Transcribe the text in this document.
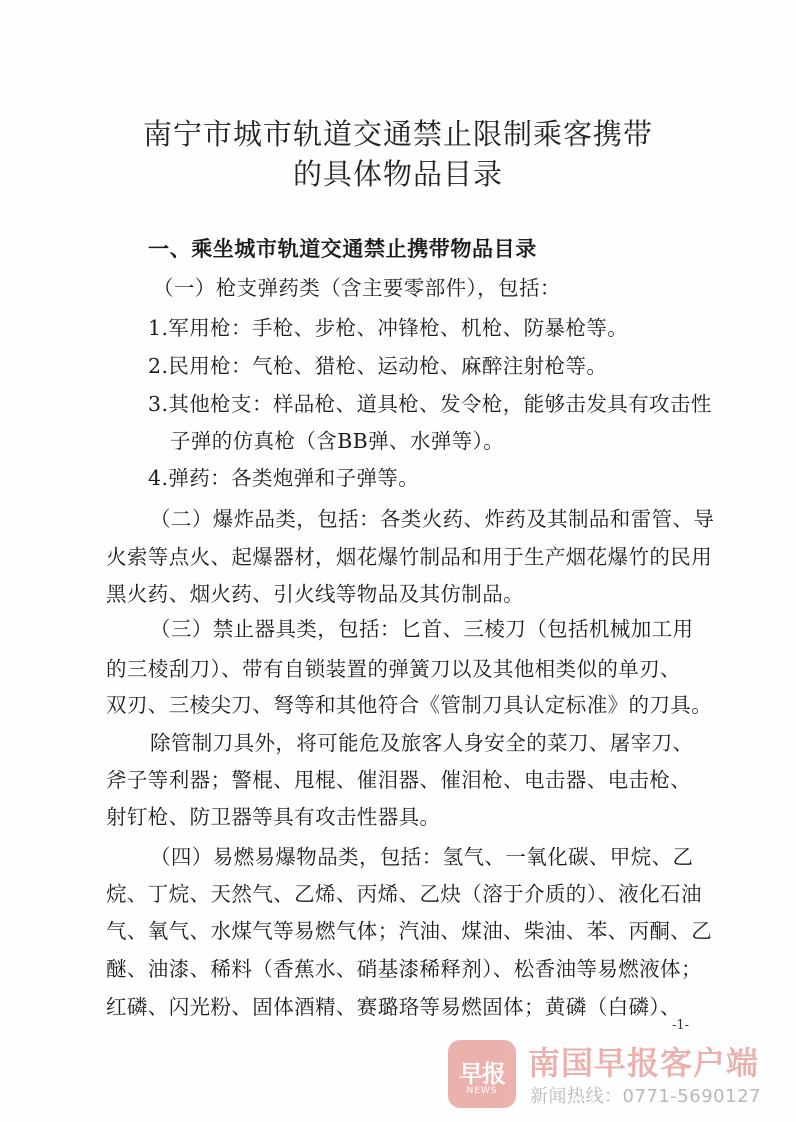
南宁市城市轨道交通禁止限制乘客携带
的具体物品目录
一、乘坐城市轨道交通禁止携带物品目录
（一）枪支弹药类（含主要零部件），包括：
1.军用枪：手枪、步枪、冲锋枪、机枪、防暴枪等。
2.民用枪：气枪、猎枪、运动枪、麻醉注射枪等。
3.其他枪支：样品枪、道具枪、发令枪，能够击发具有攻击性
子弹的仿真枪（含BB弹、水弹等）。
4.弹药：各类炮弹和子弹等。
（二）爆炸品类，包括：各类火药、炸药及其制品和雷管、导
火索等点火、起爆器材，烟花爆竹制品和用于生产烟花爆竹的民用
黑火药、烟火药、引火线等物品及其仿制品。
（三）禁止器具类，包括：匕首、三棱刀（包括机械加工用
的三棱刮刀）、带有自锁装置的弹簧刀以及其他相类似的单刃、
双刃、三棱尖刀、弩等和其他符合《管制刀具认定标准》的刀具。
除管制刀具外，将可能危及旅客人身安全的菜刀、屠宰刀、
斧子等利器；警棍、甩棍、催泪器、催泪枪、电击器、电击枪、
射钉枪、防卫器等具有攻击性器具。
（四）易燃易爆物品类，包括：氢气、一氧化碳、甲烷、乙
烷、丁烷、天然气、乙烯、丙烯、乙炔（溶于介质的）、液化石油
气、氧气、水煤气等易燃气体；汽油、煤油、柴油、苯、丙酮、乙
醚、油漆、稀料（香蕉水、硝基漆稀释剂）、松香油等易燃液体；
红磷、闪光粉、固体酒精、赛璐珞等易燃固体；黄磷（白磷）、
-1-
早报
NEWS
南国早报客户端
新闻热线：0771-5690127
